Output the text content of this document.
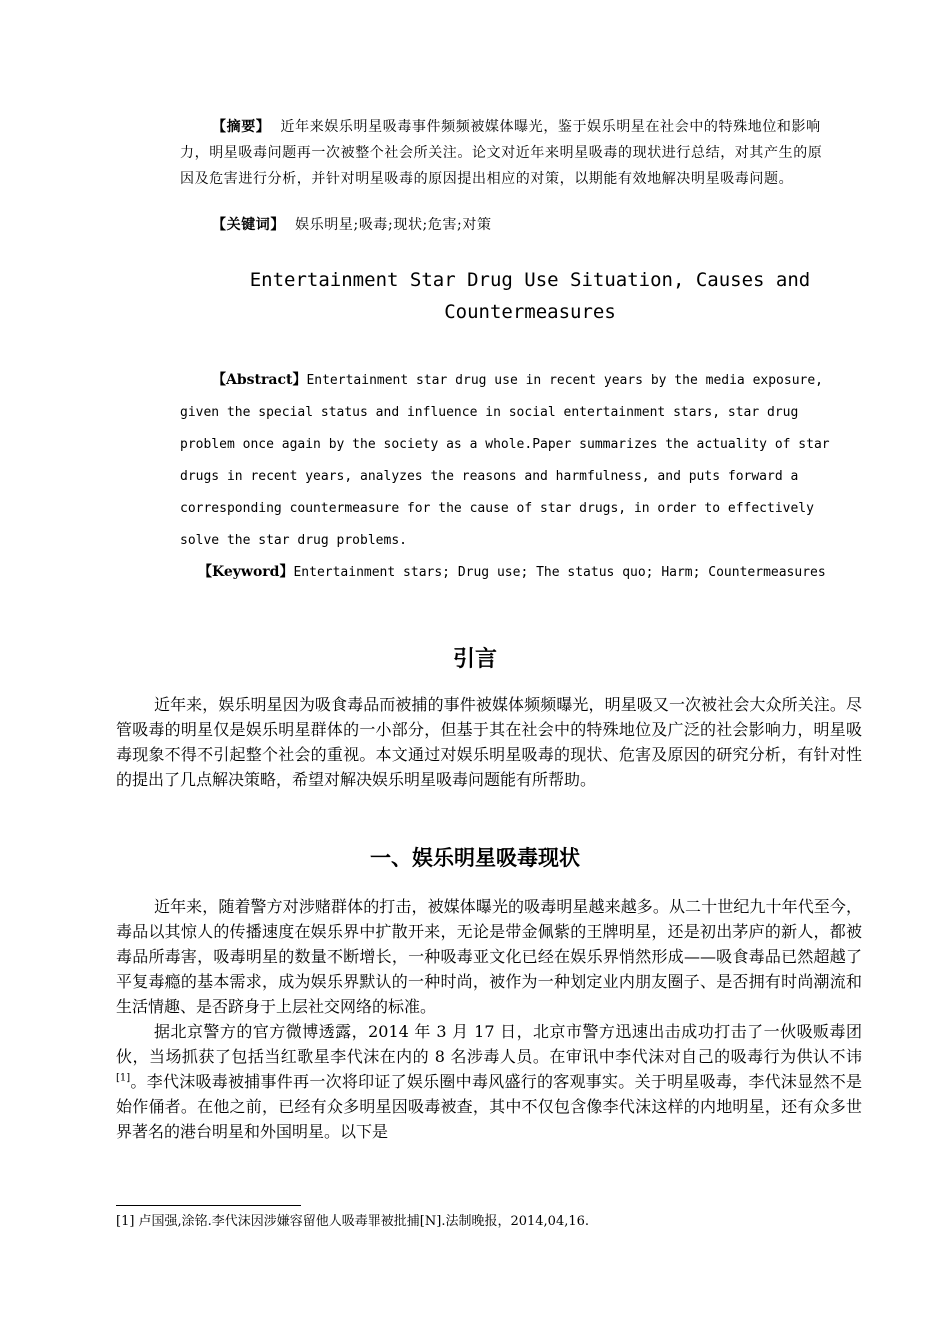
【摘要】 近年来娱乐明星吸毒事件频频被媒体曝光，鉴于娱乐明星在社会中的特殊地位和影响力，明星吸毒问题再一次被整个社会所关注。论文对近年来明星吸毒的现状进行总结，对其产生的原因及危害进行分析，并针对明星吸毒的原因提出相应的对策，以期能有效地解决明星吸毒问题。
【关键词】 娱乐明星;吸毒;现状;危害;对策
Entertainment Star Drug Use Situation, Causes and Countermeasures
【Abstract】Entertainment star drug use in recent years by the media exposure, given the special status and influence in social entertainment stars, star drug problem once again by the society as a whole.Paper summarizes the actuality of star drugs in recent years, analyzes the reasons and harmfulness, and puts forward a corresponding countermeasure for the cause of star drugs, in order to effectively solve the star drug problems.
【Keyword】Entertainment stars; Drug use; The status quo; Harm; Countermeasures
引言

近年来，娱乐明星因为吸食毒品而被捕的事件被媒体频频曝光，明星吸又一次被社会大众所关注。尽管吸毒的明星仅是娱乐明星群体的一小部分，但基于其在社会中的特殊地位及广泛的社会影响力，明星吸毒现象不得不引起整个社会的重视。本文通过对娱乐明星吸毒的现状、危害及原因的研究分析，有针对性的提出了几点解决策略，希望对解决娱乐明星吸毒问题能有所帮助。

一、娱乐明星吸毒现状

近年来，随着警方对涉赌群体的打击，被媒体曝光的吸毒明星越来越多。从二十世纪九十年代至今，毒品以其惊人的传播速度在娱乐界中扩散开来，无论是带金佩紫的王牌明星，还是初出茅庐的新人，都被毒品所毒害，吸毒明星的数量不断增长，一种吸毒亚文化已经在娱乐界悄然形成——吸食毒品已然超越了平复毒瘾的基本需求，成为娱乐界默认的一种时尚，被作为一种划定业内朋友圈子、是否拥有时尚潮流和生活情趣、是否跻身于上层社交网络的标准。

据北京警方的官方微博透露，2014 年 3 月 17 日，北京市警方迅速出击成功打击了一伙吸贩毒团伙，当场抓获了包括当红歌星李代沫在内的 8 名涉毒人员。在审讯中李代沫对自己的吸毒行为供认不讳[1]。李代沫吸毒被捕事件再一次将印证了娱乐圈中毒风盛行的客观事实。关于明星吸毒，李代沫显然不是始作俑者。在他之前，已经有众多明星因吸毒被查，其中不仅包含像李代沫这样的内地明星，还有众多世界著名的港台明星和外国明星。以下是

[1] 卢国强,涂铭.李代沫因涉嫌容留他人吸毒罪被批捕[N].法制晚报，2014,04,16.
